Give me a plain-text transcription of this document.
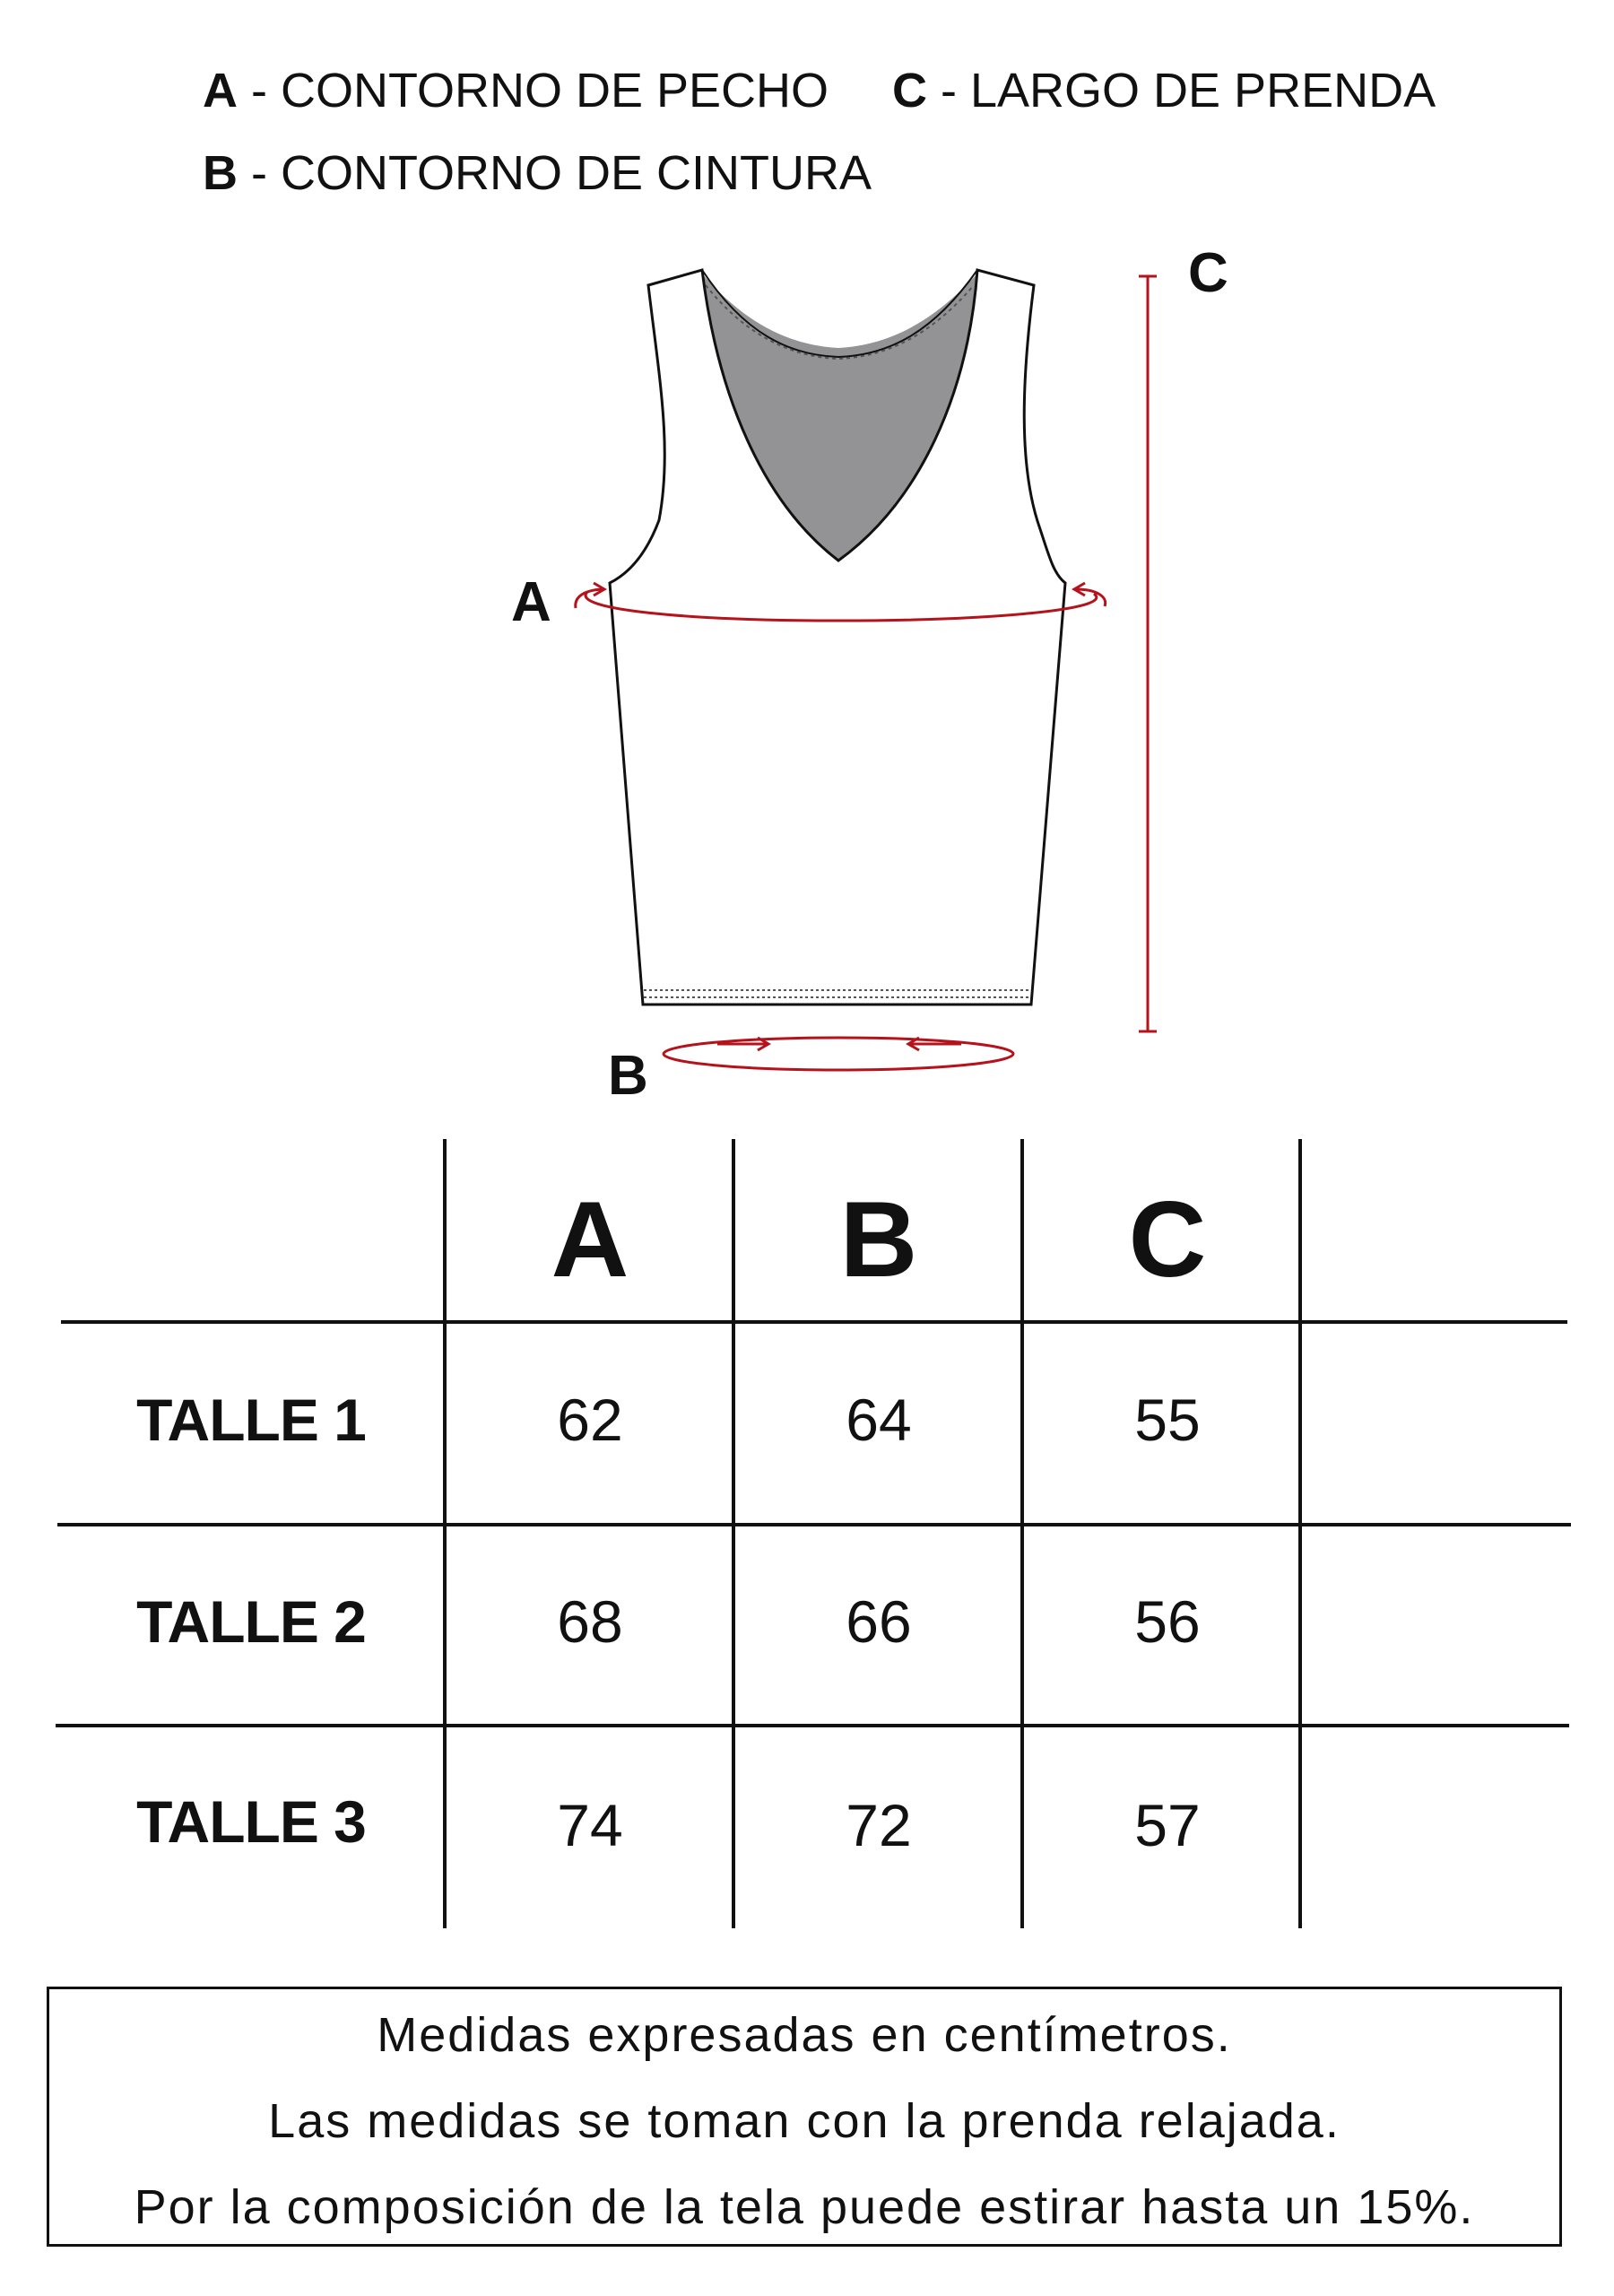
A - CONTORNO DE PECHO C - LARGO DE PRENDA
B - CONTORNO DE CINTURA
A
B
C
A	B	C
TALLE 1	62	64	55
TALLE 2	68	66	56
TALLE 3	74	72	57
Medidas expresadas en centímetros.
Las medidas se toman con la prenda relajada.
Por la composición de la tela puede estirar hasta un 15%.
